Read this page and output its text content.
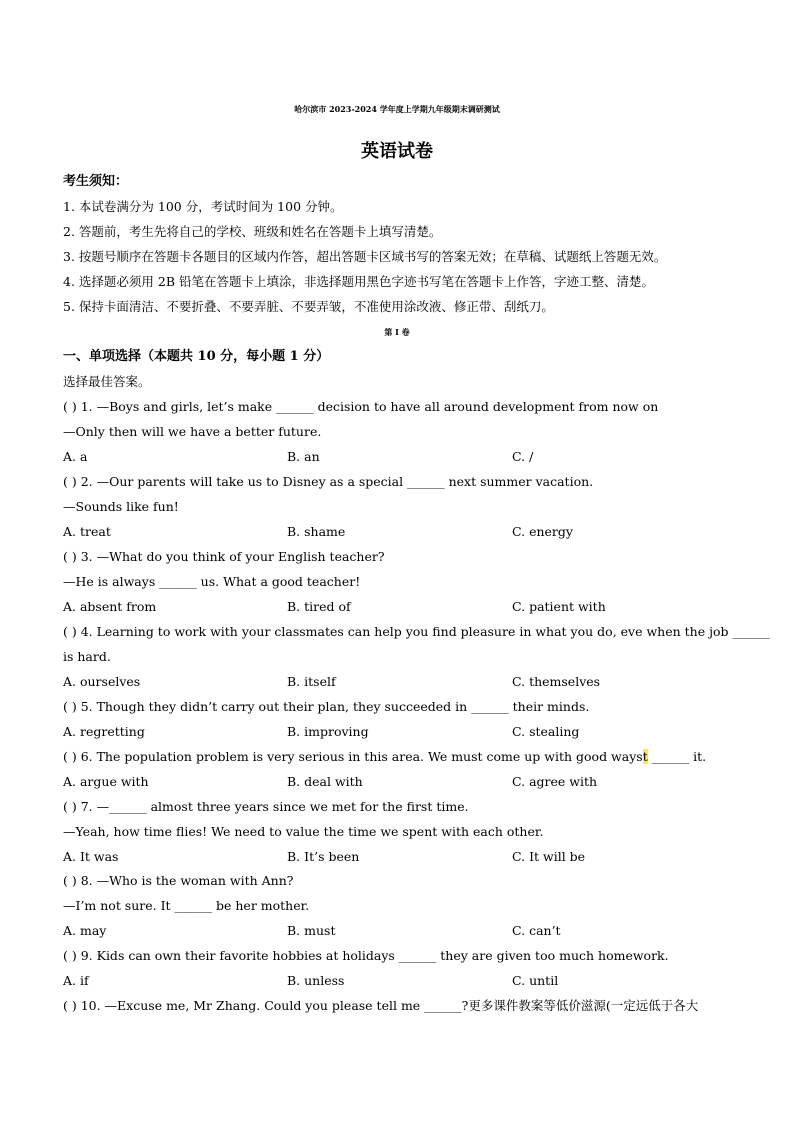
哈尔滨市 2023-2024 学年度上学期九年级期末调研测试
英语试卷
考生须知：
1. 本试卷满分为 100 分，考试时间为 100 分钟。
2. 答题前，考生先将自己的学校、班级和姓名在答题卡上填写清楚。
3. 按题号顺序在答题卡各题目的区域内作答，超出答题卡区域书写的答案无效；在草稿、试题纸上答题无效。
4. 选择题必须用 2B 铅笔在答题卡上填涂，非选择题用黑色字迹书写笔在答题卡上作答，字迹工整、清楚。
5. 保持卡面清洁、不要折叠、不要弄脏、不要弄皱，不准使用涂改液、修正带、刮纸刀。
第 I 卷
一、单项选择（本题共 10 分，每小题 1 分）
选择最佳答案。
( ) 1. —Boys and girls, let’s make ______ decision to have all around development from now on
—Only then will we have a better future.
A. a	B. an	C. /
( ) 2. —Our parents will take us to Disney as a special ______ next summer vacation.
—Sounds like fun!
A. treat	B. shame	C. energy
( ) 3. —What do you think of your English teacher?
—He is always ______ us. What a good teacher!
A. absent from	B. tired of	C. patient with
( ) 4. Learning to work with your classmates can help you find pleasure in what you do, eve when the job ______
is hard.
A. ourselves	B. itself	C. themselves
( ) 5. Though they didn’t carry out their plan, they succeeded in ______ their minds.
A. regretting	B. improving	C. stealing
( ) 6. The population problem is very serious in this area. We must come up with good wayst ______ it.
A. argue with	B. deal with	C. agree with
( ) 7. —______ almost three years since we met for the first time.
—Yeah, how time flies! We need to value the time we spent with each other.
A. It was	B. It’s been	C. It will be
( ) 8. —Who is the woman with Ann?
—I’m not sure. It ______ be her mother.
A. may	B. must	C. can’t
( ) 9. Kids can own their favorite hobbies at holidays ______ they are given too much homework.
A. if	B. unless	C. until
( ) 10. —Excuse me, Mr Zhang. Could you please tell me ______?更多课件教案等低价滋源(一定远低于各大
